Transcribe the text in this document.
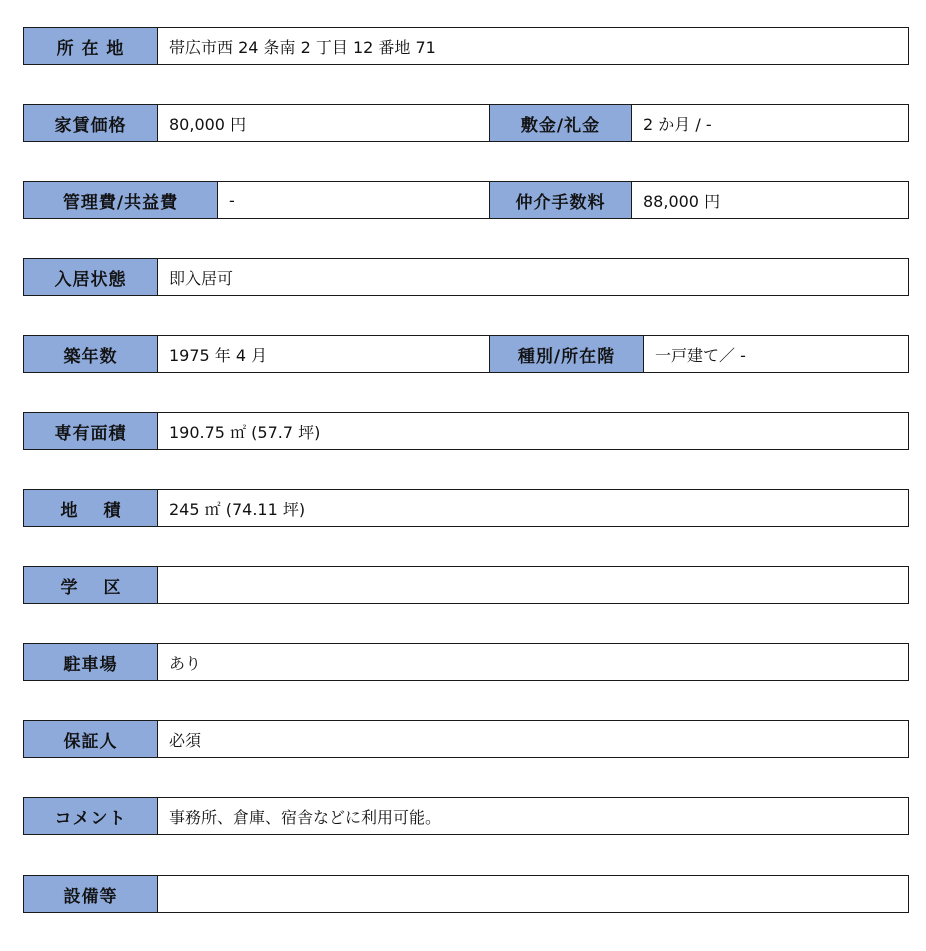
所 在 地	帯広市西 24 条南 2 丁目 12 番地 71
家賃価格	80,000 円	敷金/礼金	2 か月 / -
管理費/共益費	-	仲介手数料	88,000 円
入居状態	即入居可
築年数	1975 年 4 月	種別/所在階	一戸建て／ -
専有面積	190.75 ㎡ (57.7 坪)
地 積	245 ㎡ (74.11 坪)
学 区
駐車場	あり
保証人	必須
コメント	事務所、倉庫、宿舎などに利用可能。
設備等
